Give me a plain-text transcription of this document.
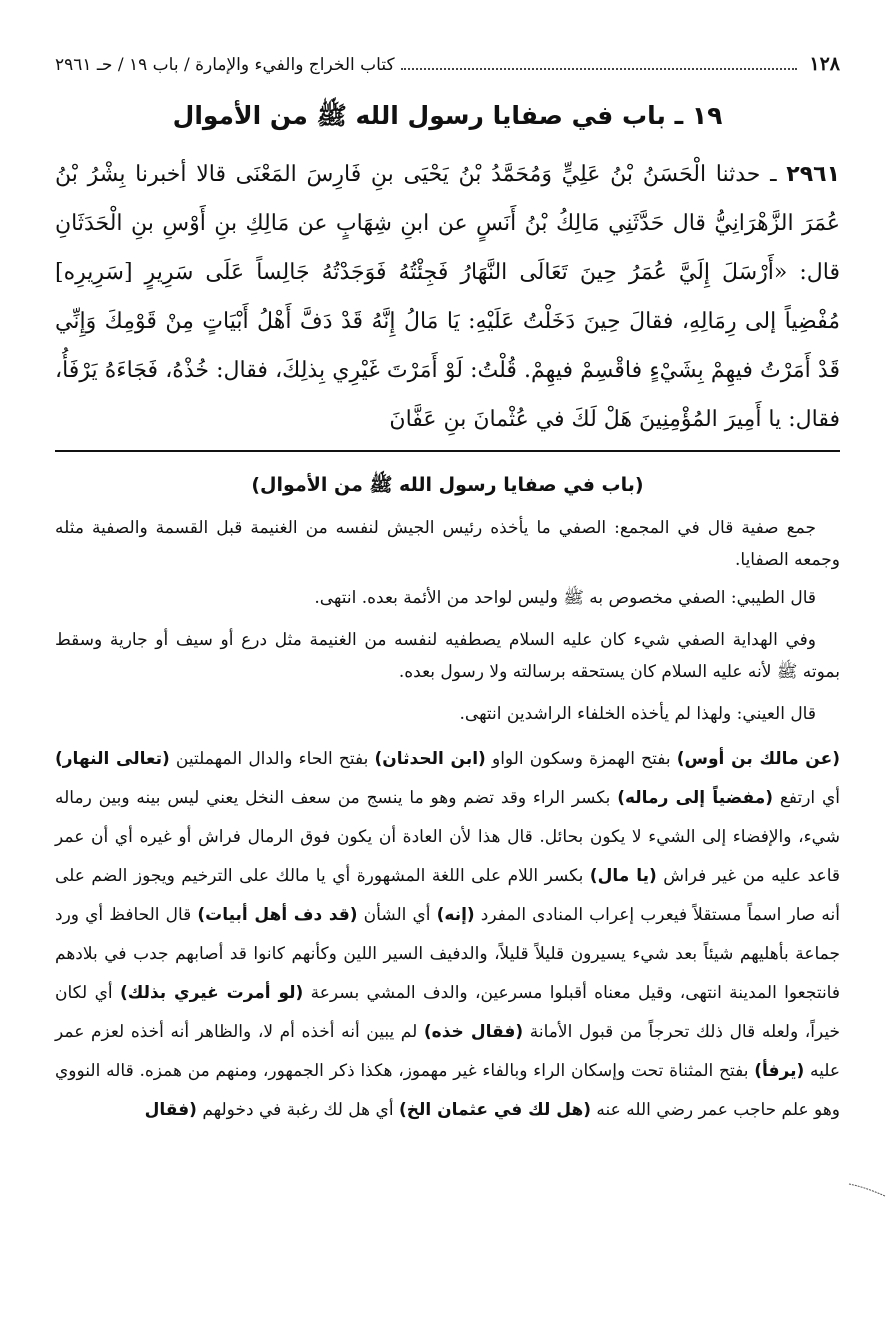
١٢٨
كتاب الخراج والفيء والإمارة / باب ١٩ / حـ ٢٩٦١
١٩ ـ باب في صفايا رسول الله ﷺ من الأموال
٢٩٦١ ـ حدثنا الْحَسَنُ بْنُ عَلِيٍّ وَمُحَمَّدُ بْنُ يَحْيَى بنِ فَارِسَ المَعْنَى قالا أخبرنا بِشْرُ بْنُ عُمَرَ الزَّهْرَانِيُّ قال حَدَّثَنِي مَالِكُ بْنُ أَنَسٍ عن ابنِ شِهَابٍ عن مَالِكِ بنِ أَوْسِ بنِ الْحَدَثَانِ قال: «أَرْسَلَ إِلَيَّ عُمَرُ حِينَ تَعَالَى النَّهَارُ فَجِئْتُهُ فَوَجَدْتُهُ جَالِساً عَلَى سَرِيرٍ [سَرِيرِه] مُفْضِياً إلى رِمَالِهِ، فقالَ حِينَ دَخَلْتُ عَلَيْهِ: يَا مَالُ إِنَّهُ قَدْ دَفَّ أَهْلُ أَبْيَاتٍ مِنْ قَوْمِكَ وَإِنِّي قَدْ أَمَرْتُ فيهِمْ بِشَيْءٍ فاقْسِمْ فيهِمْ. قُلْتُ: لَوْ أَمَرْتَ غَيْرِي بِذلِكَ، فقال: خُذْهُ، فَجَاءَهُ يَرْفَأُ، فقال: يا أَمِيرَ المُؤْمِنِينَ هَلْ لَكَ في عُثْمانَ بنِ عَفَّانَ
(باب في صفايا رسول الله ﷺ من الأموال)
جمع صفية قال في المجمع: الصفي ما يأخذه رئيس الجيش لنفسه من الغنيمة قبل القسمة والصفية مثله وجمعه الصفايا.
قال الطيبي: الصفي مخصوص به ﷺ وليس لواحد من الأئمة بعده. انتهى.
وفي الهداية الصفي شيء كان عليه السلام يصطفيه لنفسه من الغنيمة مثل درع أو سيف أو جارية وسقط بموته ﷺ لأنه عليه السلام كان يستحقه برسالته ولا رسول بعده.
قال العيني: ولهذا لم يأخذه الخلفاء الراشدين انتهى.
(عن مالك بن أوس) بفتح الهمزة وسكون الواو (ابن الحدثان) بفتح الحاء والدال المهملتين (تعالى النهار) أي ارتفع (مفضياً إلى رماله) بكسر الراء وقد تضم وهو ما ينسج من سعف النخل يعني ليس بينه وبين رماله شيء، والإفضاء إلى الشيء لا يكون بحائل. قال هذا لأن العادة أن يكون فوق الرمال فراش أو غيره أي أن عمر قاعد عليه من غير فراش (يا مال) بكسر اللام على اللغة المشهورة أي يا مالك على الترخيم ويجوز الضم على أنه صار اسماً مستقلاً فيعرب إعراب المنادى المفرد (إنه) أي الشأن (قد دف أهل أبيات) قال الحافظ أي ورد جماعة بأهليهم شيئاً بعد شيء يسيرون قليلاً قليلاً، والدفيف السير اللين وكأنهم كانوا قد أصابهم جدب في بلادهم فانتجعوا المدينة انتهى، وقيل معناه أقبلوا مسرعين، والدف المشي بسرعة (لو أمرت غيري بذلك) أي لكان خيراً، ولعله قال ذلك تحرجاً من قبول الأمانة (فقال خذه) لم يبين أنه أخذه أم لا، والظاهر أنه أخذه لعزم عمر عليه (يرفأ) بفتح المثناة تحت وإسكان الراء وبالفاء غير مهموز، هكذا ذكر الجمهور، ومنهم من همزه. قاله النووي وهو علم حاجب عمر رضي الله عنه (هل لك في عثمان الخ) أي هل لك رغبة في دخولهم (فقال
